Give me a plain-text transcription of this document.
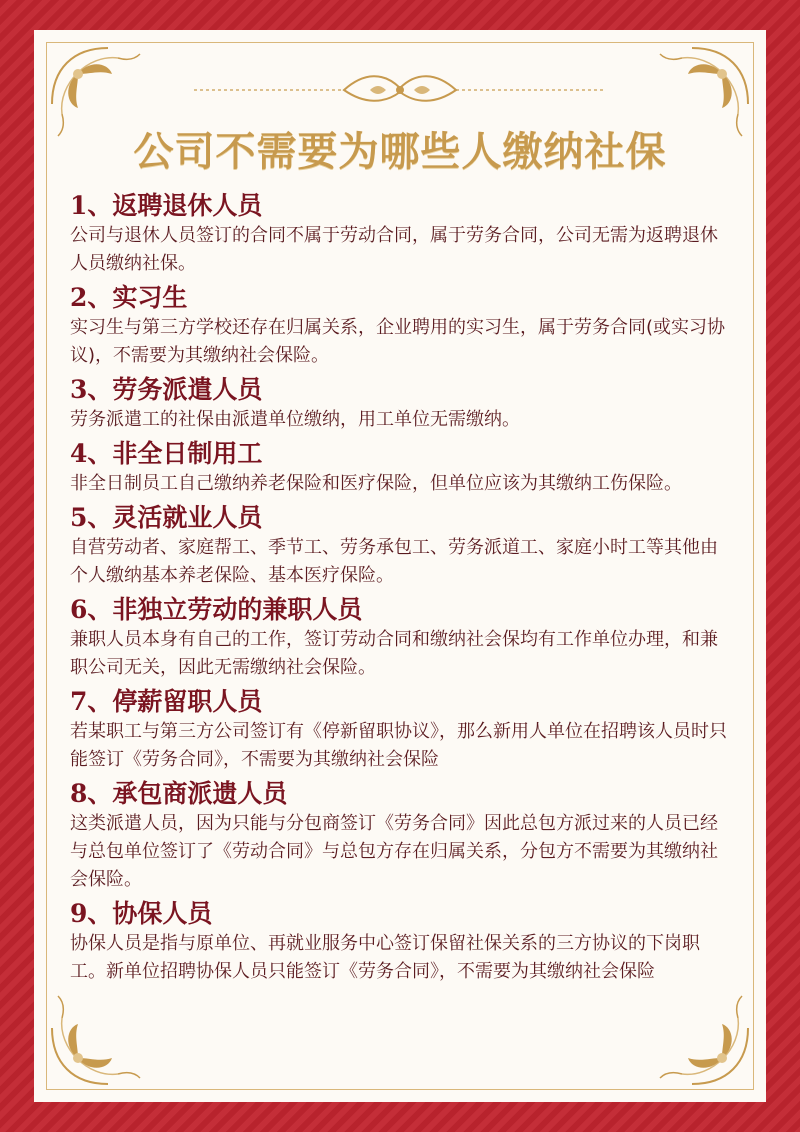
公司不需要为哪些人缴纳社保
1、返聘退休人员
公司与退休人员签订的合同不属于劳动合同，属于劳务合同，公司无需为返聘退休人员缴纳社保。
2、实习生
实习生与第三方学校还存在归属关系，企业聘用的实习生，属于劳务合同(或实习协议)，不需要为其缴纳社会保险。
3、劳务派遣人员
劳务派遣工的社保由派遣单位缴纳，用工单位无需缴纳。
4、非全日制用工
非全日制员工自己缴纳养老保险和医疗保险，但单位应该为其缴纳工伤保险。
5、灵活就业人员
自营劳动者、家庭帮工、季节工、劳务承包工、劳务派道工、家庭小时工等其他由个人缴纳基本养老保险、基本医疗保险。
6、非独立劳动的兼职人员
兼职人员本身有自己的工作，签订劳动合同和缴纳社会保均有工作单位办理，和兼职公司无关，因此无需缴纳社会保险。
7、停薪留职人员
若某职工与第三方公司签订有《停新留职协议》，那么新用人单位在招聘该人员时只能签订《劳务合同》，不需要为其缴纳社会保险
8、承包商派遗人员
这类派遣人员，因为只能与分包商签订《劳务合同》因此总包方派过来的人员已经与总包单位签订了《劳动合同》与总包方存在归属关系，分包方不需要为其缴纳社会保险。
9、协保人员
协保人员是指与原单位、再就业服务中心签订保留社保关系的三方协议的下岗职工。新单位招聘协保人员只能签订《劳务合同》，不需要为其缴纳社会保险
